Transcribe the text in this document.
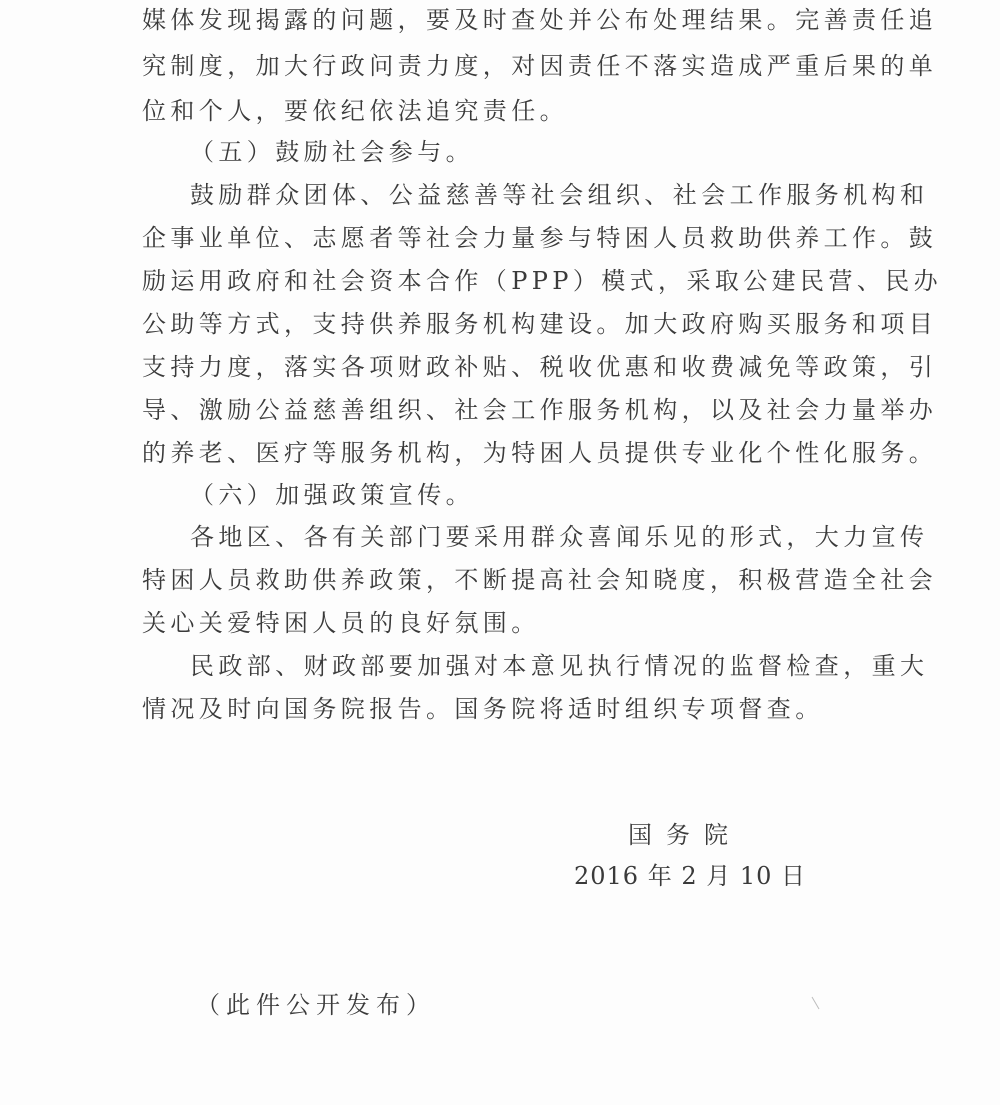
媒体发现揭露的问题，要及时查处并公布处理结果。完善责任追
究制度，加大行政问责力度，对因责任不落实造成严重后果的单
位和个人，要依纪依法追究责任。
（五）鼓励社会参与。
鼓励群众团体、公益慈善等社会组织、社会工作服务机构和
企事业单位、志愿者等社会力量参与特困人员救助供养工作。鼓
励运用政府和社会资本合作（PPP）模式，采取公建民营、民办
公助等方式，支持供养服务机构建设。加大政府购买服务和项目
支持力度，落实各项财政补贴、税收优惠和收费减免等政策，引
导、激励公益慈善组织、社会工作服务机构，以及社会力量举办
的养老、医疗等服务机构，为特困人员提供专业化个性化服务。
（六）加强政策宣传。
各地区、各有关部门要采用群众喜闻乐见的形式，大力宣传
特困人员救助供养政策，不断提高社会知晓度，积极营造全社会
关心关爱特困人员的良好氛围。
民政部、财政部要加强对本意见执行情况的监督检查，重大
情况及时向国务院报告。国务院将适时组织专项督查。
国务院
2016 年 2 月 10 日
（此件公开发布）
